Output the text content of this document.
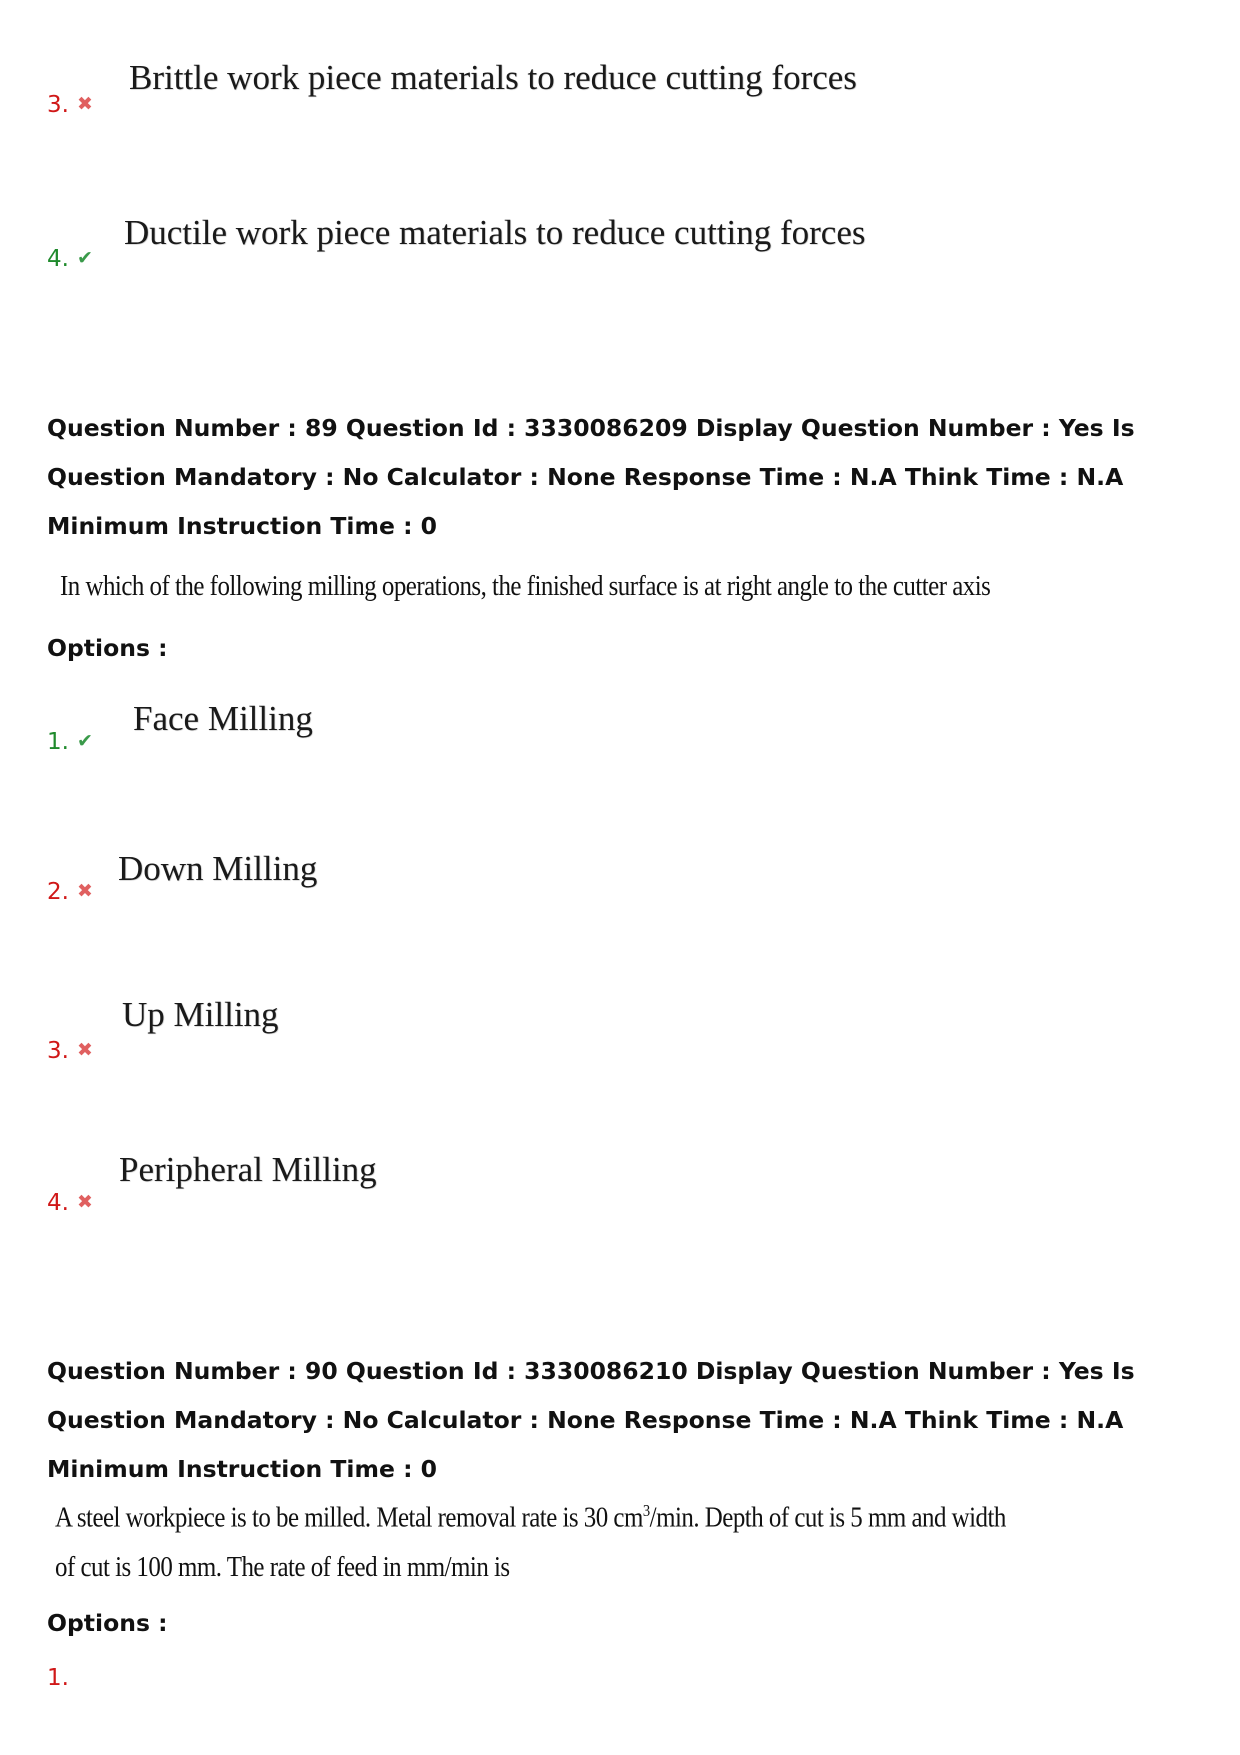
3. ✖
Brittle work piece materials to reduce cutting forces
4. ✔
Ductile work piece materials to reduce cutting forces
Question Number : 89 Question Id : 3330086209 Display Question Number : Yes Is Question Mandatory : No Calculator : None Response Time : N.A Think Time : N.A Minimum Instruction Time : 0
In which of the following milling operations, the finished surface is at right angle to the cutter axis
Options :
1. ✔
Face Milling
2. ✖
Down Milling
3. ✖
Up Milling
4. ✖
Peripheral Milling
Question Number : 90 Question Id : 3330086210 Display Question Number : Yes Is Question Mandatory : No Calculator : None Response Time : N.A Think Time : N.A Minimum Instruction Time : 0
A steel workpiece is to be milled. Metal removal rate is 30 $cm^3/\min$. Depth of cut is 5 mm and width
of cut is 100 mm. The rate of feed in mm/min is
Options :
1.
